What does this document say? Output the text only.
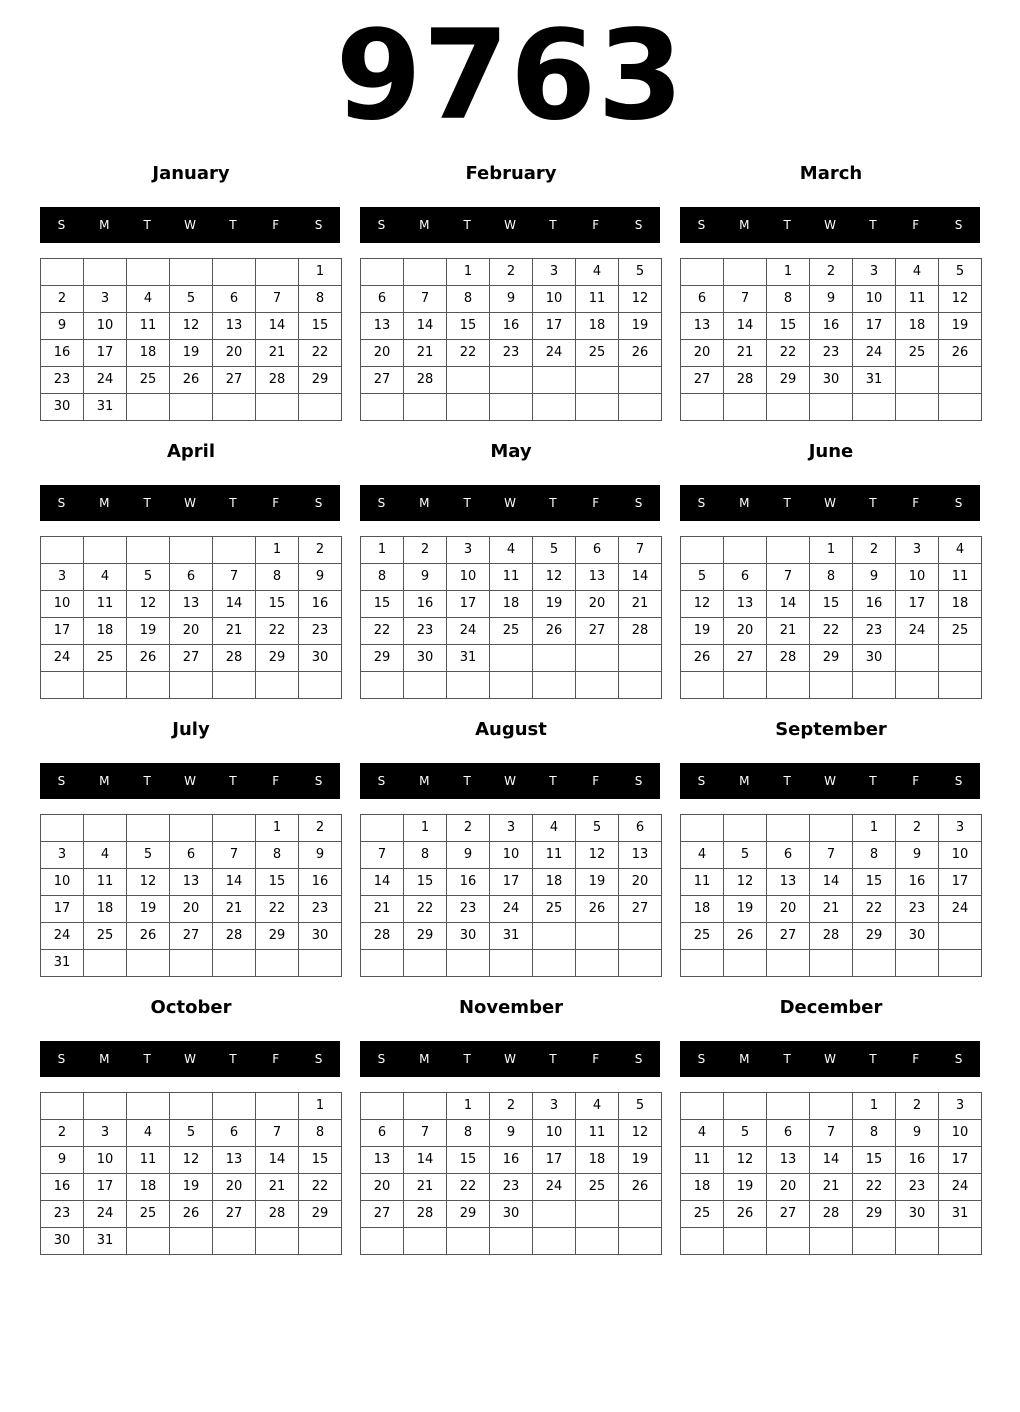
9763
January
S	M	T	W	T	F	S
						1
2	3	4	5	6	7	8
9	10	11	12	13	14	15
16	17	18	19	20	21	22
23	24	25	26	27	28	29
30	31					
February
S	M	T	W	T	F	S
		1	2	3	4	5
6	7	8	9	10	11	12
13	14	15	16	17	18	19
20	21	22	23	24	25	26
27	28					

March
S	M	T	W	T	F	S
		1	2	3	4	5
6	7	8	9	10	11	12
13	14	15	16	17	18	19
20	21	22	23	24	25	26
27	28	29	30	31		

April
S	M	T	W	T	F	S
					1	2
3	4	5	6	7	8	9
10	11	12	13	14	15	16
17	18	19	20	21	22	23
24	25	26	27	28	29	30

May
S	M	T	W	T	F	S
1	2	3	4	5	6	7
8	9	10	11	12	13	14
15	16	17	18	19	20	21
22	23	24	25	26	27	28
29	30	31				

June
S	M	T	W	T	F	S
			1	2	3	4
5	6	7	8	9	10	11
12	13	14	15	16	17	18
19	20	21	22	23	24	25
26	27	28	29	30		

July
S	M	T	W	T	F	S
					1	2
3	4	5	6	7	8	9
10	11	12	13	14	15	16
17	18	19	20	21	22	23
24	25	26	27	28	29	30
31						
August
S	M	T	W	T	F	S
	1	2	3	4	5	6
7	8	9	10	11	12	13
14	15	16	17	18	19	20
21	22	23	24	25	26	27
28	29	30	31			

September
S	M	T	W	T	F	S
				1	2	3
4	5	6	7	8	9	10
11	12	13	14	15	16	17
18	19	20	21	22	23	24
25	26	27	28	29	30	

October
S	M	T	W	T	F	S
						1
2	3	4	5	6	7	8
9	10	11	12	13	14	15
16	17	18	19	20	21	22
23	24	25	26	27	28	29
30	31					
November
S	M	T	W	T	F	S
		1	2	3	4	5
6	7	8	9	10	11	12
13	14	15	16	17	18	19
20	21	22	23	24	25	26
27	28	29	30			

December
S	M	T	W	T	F	S
				1	2	3
4	5	6	7	8	9	10
11	12	13	14	15	16	17
18	19	20	21	22	23	24
25	26	27	28	29	30	31
